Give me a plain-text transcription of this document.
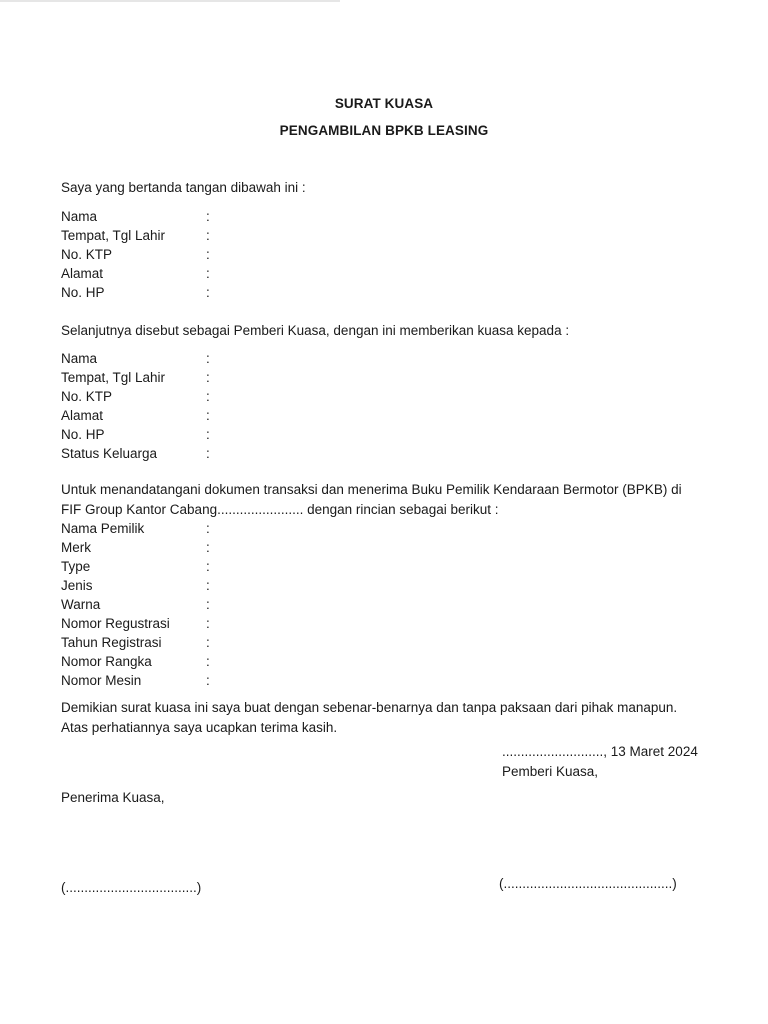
SURAT KUASA
PENGAMBILAN BPKB LEASING
Saya yang bertanda tangan dibawah ini :
Nama	:
Tempat, Tgl Lahir	:
No. KTP	:
Alamat	:
No. HP	:
Selanjutnya disebut sebagai Pemberi Kuasa, dengan ini memberikan kuasa kepada :
Nama	:
Tempat, Tgl Lahir	:
No. KTP	:
Alamat	:
No. HP	:
Status Keluarga	:
Untuk menandatangani dokumen transaksi dan menerima Buku Pemilik Kendaraan Bermotor (BPKB) di
FIF Group Kantor Cabang....................... dengan rincian sebagai berikut :
Nama Pemilik	:
Merk	:
Type	:
Jenis	:
Warna	:
Nomor Regustrasi	:
Tahun Registrasi	:
Nomor Rangka	:
Nomor Mesin	:
Demikian surat kuasa ini saya buat dengan sebenar-benarnya dan tanpa paksaan dari pihak manapun.
Atas perhatiannya saya ucapkan terima kasih.
..........................., 13 Maret 2024
Pemberi Kuasa,
Penerima Kuasa,
(...................................)	(.............................................)
